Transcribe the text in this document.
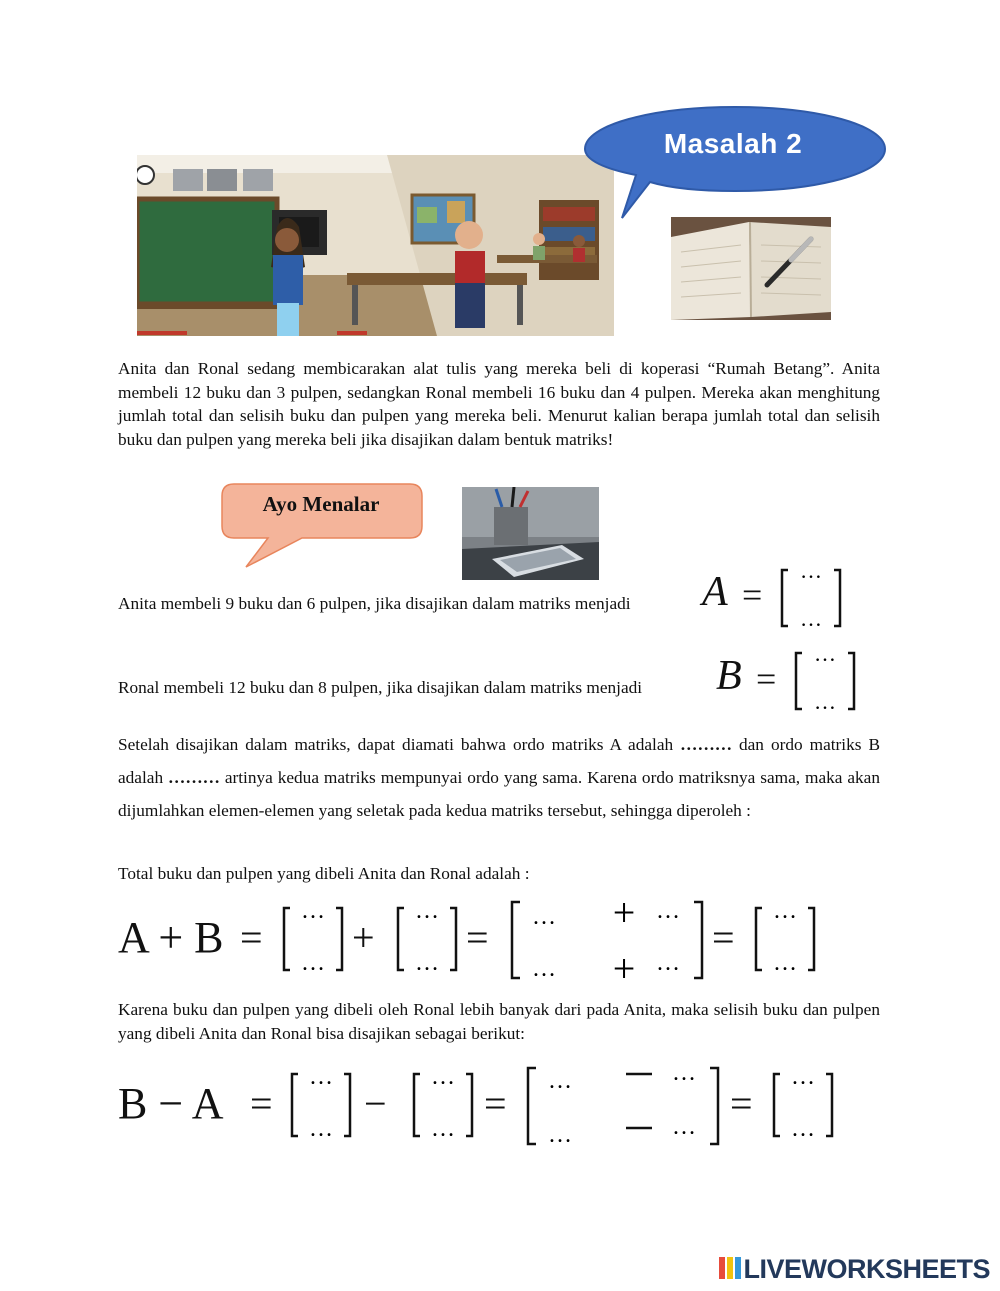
Masalah 2
Anita dan Ronal sedang membicarakan alat tulis yang mereka beli di koperasi “Rumah Betang”. Anita membeli 12 buku dan 3 pulpen, sedangkan Ronal membeli 16 buku dan 4 pulpen. Mereka akan menghitung jumlah total dan selisih buku dan pulpen yang mereka beli. Menurut kalian berapa jumlah total dan selisih buku dan pulpen yang mereka beli jika disajikan dalam bentuk matriks!
Ayo Menalar
Anita membeli 9 buku dan 6 pulpen, jika disajikan dalam matriks menjadi A =
…
…
Ronal membeli 12 buku dan 8 pulpen, jika disajikan dalam matriks menjadi B =
…
…
Setelah disajikan dalam matriks, dapat diamati bahwa ordo matriks A adalah ……… dan ordo matriks B adalah ……… artinya kedua matriks mempunyai ordo yang sama. Karena ordo matriksnya sama, maka akan dijumlahkan elemen-elemen yang seletak pada kedua matriks tersebut, sehingga diperoleh :
Total buku dan pulpen yang dibeli Anita dan Ronal adalah :
A + B =
…
…
+
…
…
= …
…
+
+
…
…
=
…
…
Karena buku dan pulpen yang dibeli oleh Ronal lebih banyak dari pada Anita, maka selisih buku dan pulpen yang dibeli Anita dan Ronal bisa disajikan sebagai berikut:
B − A =
…
…
−
…
…
= …
…
…
…
=
…
…
LIVEWORKSHEETS
